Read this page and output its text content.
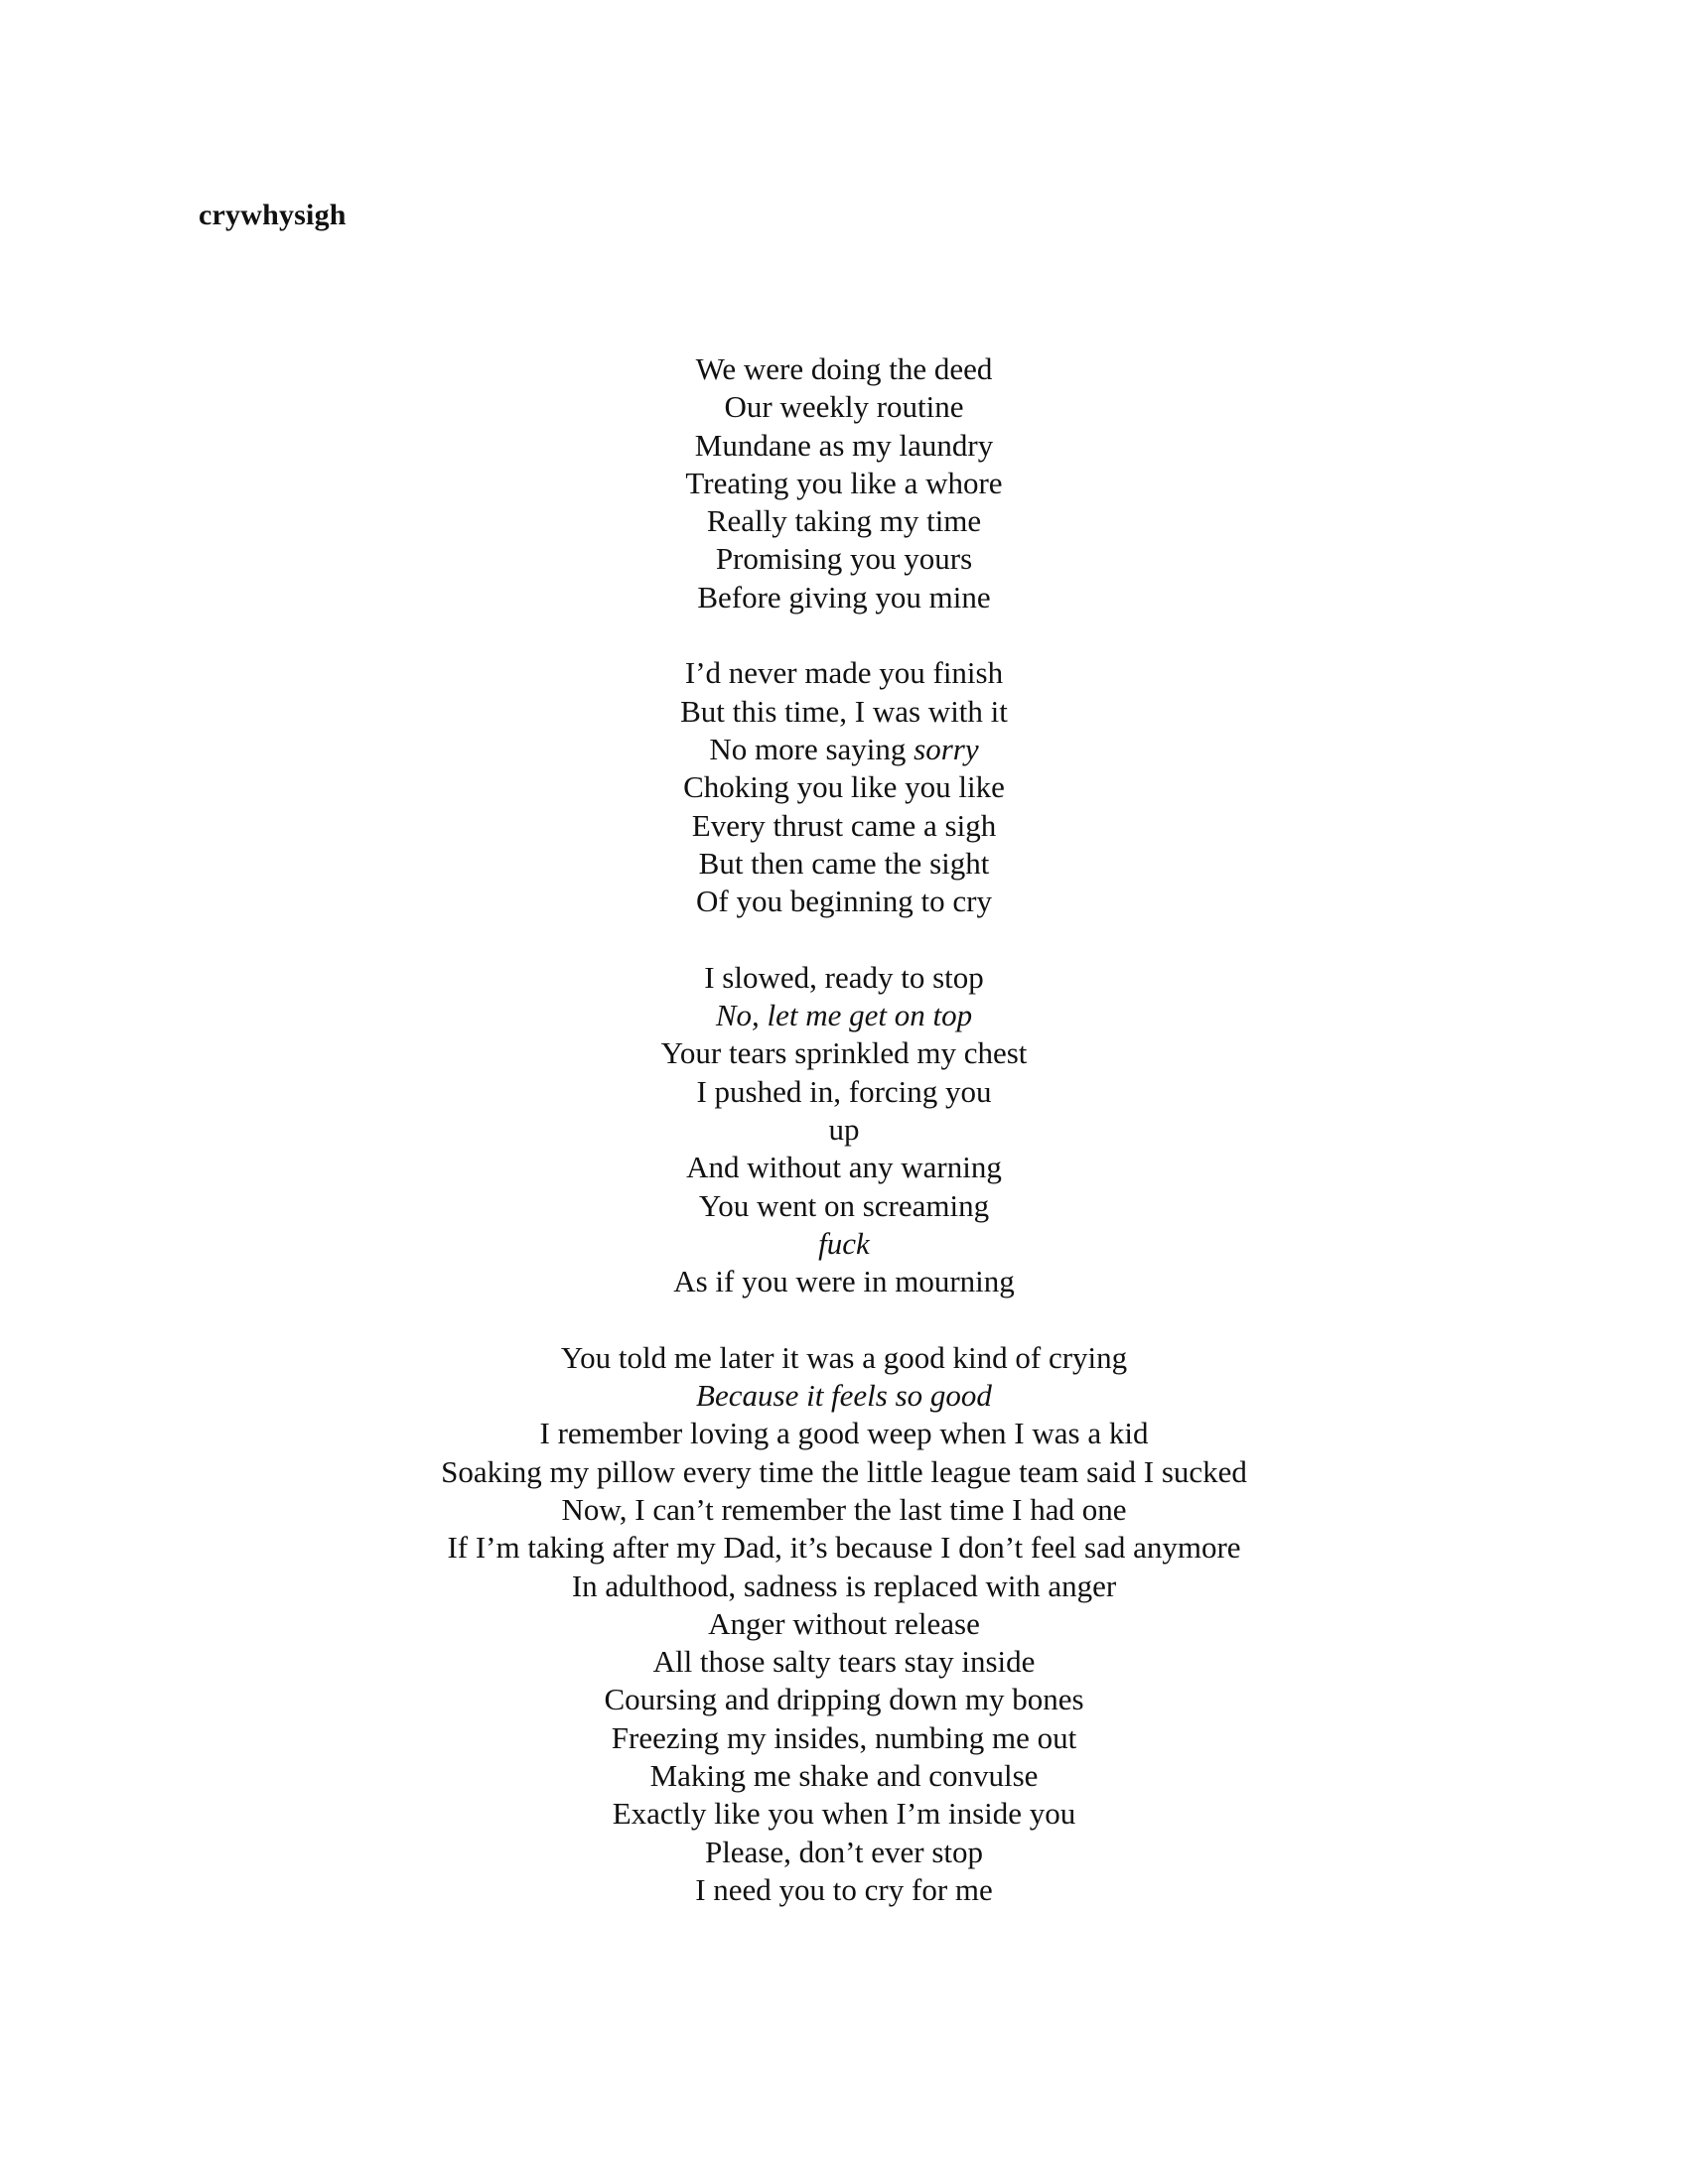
crywhysigh
We were doing the deed
Our weekly routine
Mundane as my laundry
Treating you like a whore
Really taking my time
Promising you yours
Before giving you mine
I’d never made you finish
But this time, I was with it
No more saying sorry
Choking you like you like
Every thrust came a sigh
But then came the sight
Of you beginning to cry
I slowed, ready to stop
No, let me get on top
Your tears sprinkled my chest
I pushed in, forcing you
up
And without any warning
You went on screaming
fuck
As if you were in mourning
You told me later it was a good kind of crying
Because it feels so good
I remember loving a good weep when I was a kid
Soaking my pillow every time the little league team said I sucked
Now, I can’t remember the last time I had one
If I’m taking after my Dad, it’s because I don’t feel sad anymore
In adulthood, sadness is replaced with anger
Anger without release
All those salty tears stay inside
Coursing and dripping down my bones
Freezing my insides, numbing me out
Making me shake and convulse
Exactly like you when I’m inside you
Please, don’t ever stop
I need you to cry for me
